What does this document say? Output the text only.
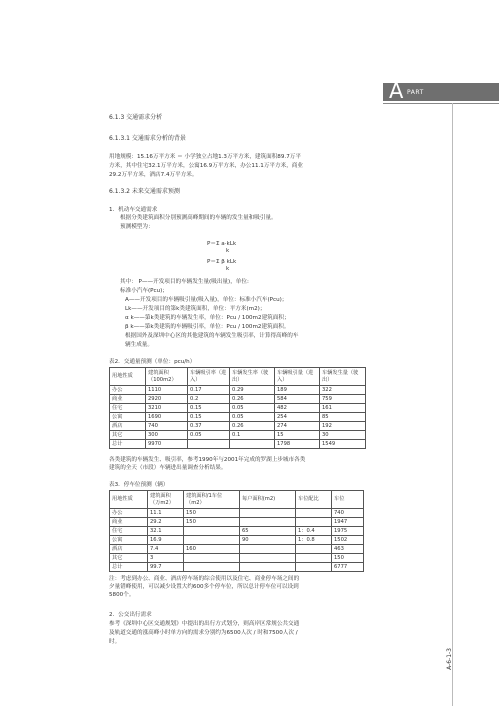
A PART
A-6-1-3
6.1.3 交通需求分析
6.1.3.1 交通需求分析的背景
用地规模：15.16万平方米 ＝ 小学独立占地1.3万平方米，建筑面积89.7万平
方米，其中住宅32.1万平方米，公寓16.9万平方米，办公11.1万平方米，商业
29.2万平方米，酒店7.4万平方米。
6.1.3.2 未来交通需求预测
1．机动车交通需求
根据分类建筑面积分别预测高峰期间的车辆的发生量和吸引量。
预测模型为：
P＝Σ a·kLk
k
P＝Σ β kLk
k
其中： P——开发项目的车辆发生量(吸出量)，单位:
标准小汽车(Pcu)；
A——开发项目的车辆吸引量(吸入量)，单位：标准小汽车(Pcu)；
Lk——开发项目的第k类建筑面积，单位：平方米(m2)；
α k——第k类建筑的车辆发生率，单位：Pcu / 100m2建筑面积；
β k——第k类建筑的车辆吸引率，单位：Pcu / 100m2建筑面积。
根据国外及深圳中心区的其他建筑的车辆发生吸引率，计算得高峰的车
辆生成量。
表2．交通量预测（单位：pcu/h）
用地性质	建筑面积（100m2）	车辆吸引率（进入）	车辆发生率（驶出）	车辆吸引量（进入）	车辆发生量（驶出）
办公	1110	0.17	0.29	189	322
商业	2920	0.2	0.26	584	759
住宅	3210	0.15	0.05	482	161
公寓	1690	0.15	0.05	254	85
酒店	740	0.37	0.26	274	192
其它	300	0.05	0.1	15	30
总计	9970			1798	1549
各类建筑的车辆发生、吸引率，参考1990年与2001年完成的罗湖上步城市各类
建筑的全天（市段）车辆进出量调查分析结果。
表3．停车位预测（辆）
用地性质	建筑面积（万m2）	建筑面积/1车位（m2）	每户面积(m2)	车位配比	车位
办公	11.1	150			740
商业	29.2	150			1947
住宅	32.1		65	1：0.4	1975
公寓	16.9		90	1：0.8	1502
酒店	7.4	160			463
其它	3				150
总计	99.7				6777
注：考虑到办公、商业、酒店停车场的综合使用以及住宅、商业停车场之间的
夕量错峰使用，可以减少设置大约600多个停车位，所以总计停车位可以设到
5800个。
2．公交出行需求
参考《深圳中心区交通规划》中提出的出行方式划分，则高岸区常规公共交通
及轨道交通的涨高峰小时单方向的需求分别约为6500人次 / 时和7500人次 /
时。
